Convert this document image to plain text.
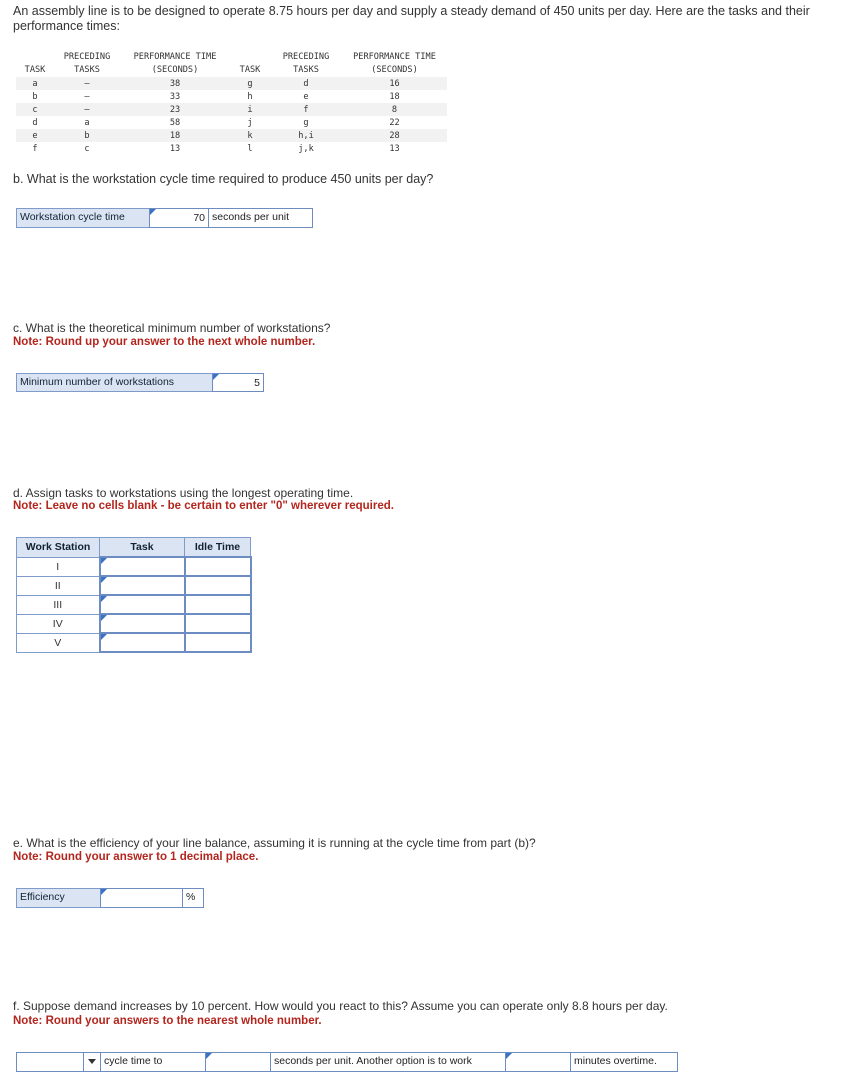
An assembly line is to be designed to operate 8.75 hours per day and supply a steady demand of 450 units per day. Here are the tasks and their performance times:
	PRECEDING	PERFORMANCE TIME		PRECEDING	PERFORMANCE TIME
TASK	TASKS	(SECONDS)	TASK	TASKS	(SECONDS)
a	—	38	g	d	16
b	—	33	h	e	18
c	—	23	i	f	8
d	a	58	j	g	22
e	b	18	k	h,i	28
f	c	13	l	j,k	13
b. What is the workstation cycle time required to produce 450 units per day?
Workstation cycle time	70 seconds per unit
c. What is the theoretical minimum number of workstations?
Note: Round up your answer to the next whole number.
Minimum number of workstations	5
d. Assign tasks to workstations using the longest operating time.
Note: Leave no cells blank - be certain to enter "0" wherever required.
Work Station	Task	Idle Time
I	

II	

III	

IV	

V	

e. What is the efficiency of your line balance, assuming it is running at the cycle time from part (b)?
Note: Round your answer to 1 decimal place.
Efficiency	%
f. Suppose demand increases by 10 percent. How would you react to this? Assume you can operate only 8.8 hours per day.
Note: Round your answers to the nearest whole number.
cycle time to	seconds per unit. Another option is to work	minutes overtime.
